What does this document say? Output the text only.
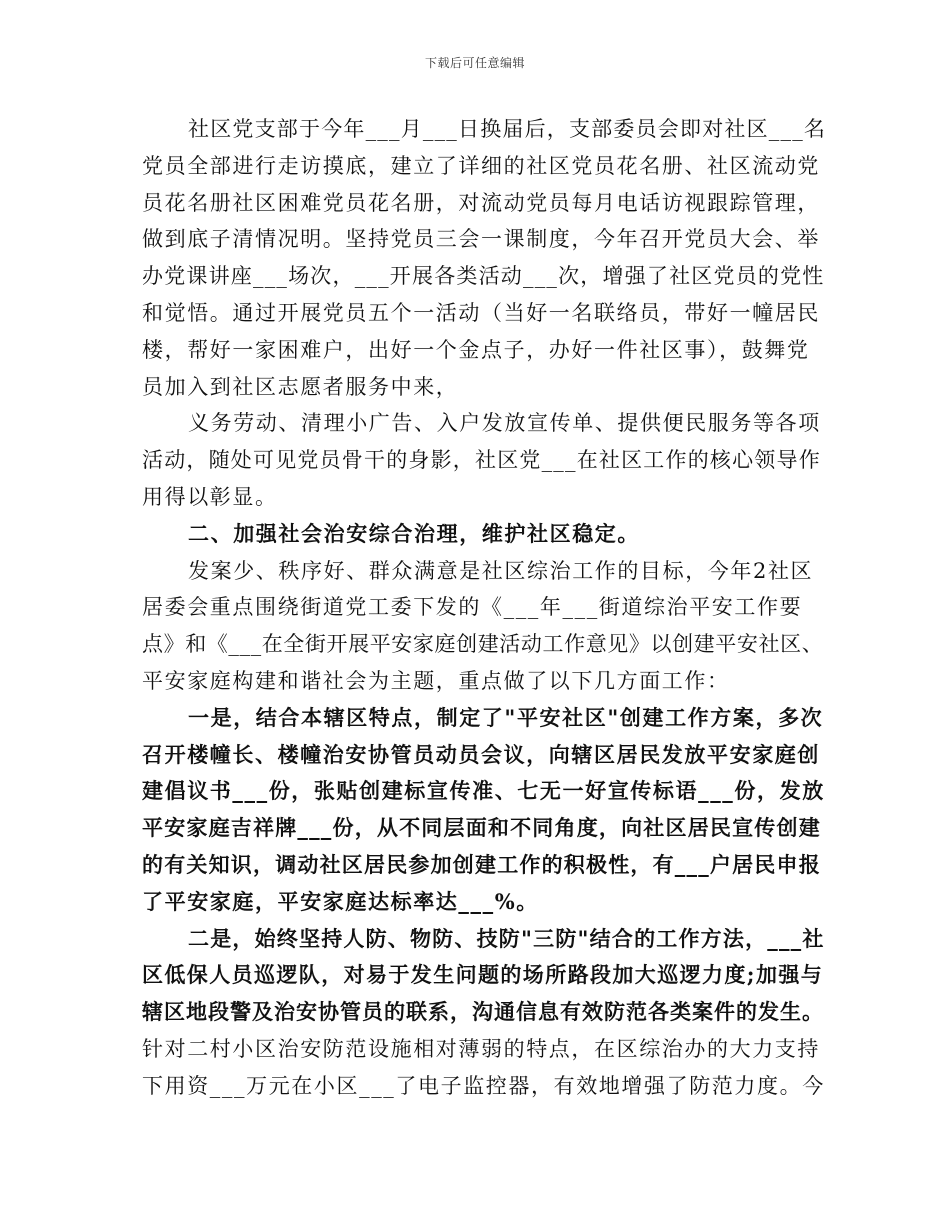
下载后可任意编辑
社区党支部于今年___月___日换届后，支部委员会即对社区___名
党员全部进行走访摸底，建立了详细的社区党员花名册、社区流动党
员花名册社区困难党员花名册，对流动党员每月电话访视跟踪管理，
做到底子清情况明。坚持党员三会一课制度，今年召开党员大会、举
办党课讲座___场次，___开展各类活动___次，增强了社区党员的党性
和觉悟。通过开展党员五个一活动（当好一名联络员，带好一幢居民
楼，帮好一家困难户，出好一个金点子，办好一件社区事），鼓舞党
员加入到社区志愿者服务中来，
义务劳动、清理小广告、入户发放宣传单、提供便民服务等各项
活动，随处可见党员骨干的身影，社区党___在社区工作的核心领导作
用得以彰显。
二、加强社会治安综合治理，维护社区稳定。
发案少、秩序好、群众满意是社区综治工作的目标，今年2社区
居委会重点围绕街道党工委下发的《___年___街道综治平安工作要
点》和《___在全街开展平安家庭创建活动工作意见》以创建平安社区、
平安家庭构建和谐社会为主题，重点做了以下几方面工作：
一是，结合本辖区特点，制定了"平安社区"创建工作方案，多次
召开楼幢长、楼幢治安协管员动员会议，向辖区居民发放平安家庭创
建倡议书___份，张贴创建标宣传准、七无一好宣传标语___份，发放
平安家庭吉祥牌___份，从不同层面和不同角度，向社区居民宣传创建
的有关知识，调动社区居民参加创建工作的积极性，有___户居民申报
了平安家庭，平安家庭达标率达___%。
二是，始终坚持人防、物防、技防"三防"结合的工作方法，___社
区低保人员巡逻队，对易于发生问题的场所路段加大巡逻力度;加强与
辖区地段警及治安协管员的联系，沟通信息有效防范各类案件的发生。
针对二村小区治安防范设施相对薄弱的特点，在区综治办的大力支持
下用资___万元在小区___了电子监控器，有效地增强了防范力度。今
